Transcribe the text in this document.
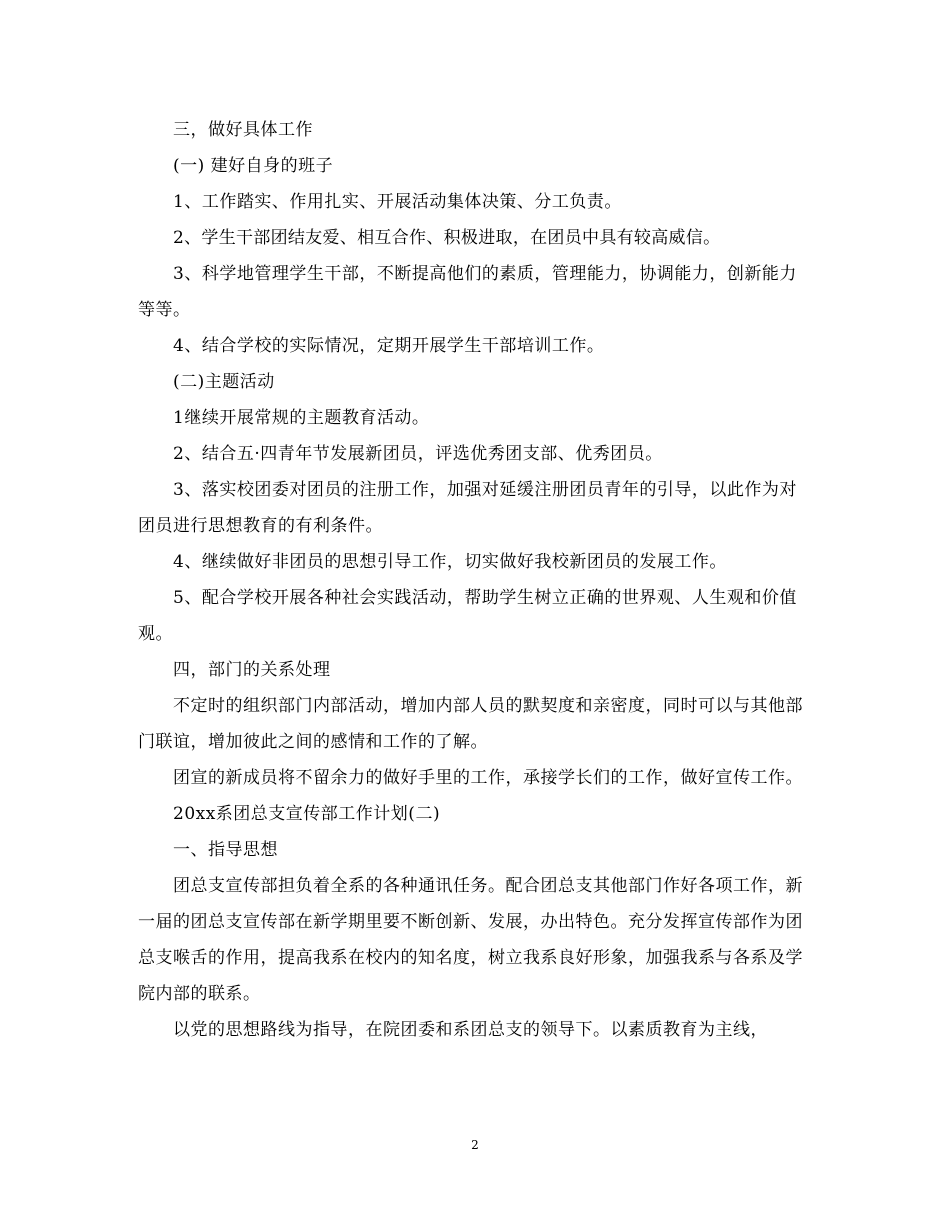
三，做好具体工作

(一) 建好自身的班子

1、工作踏实、作用扎实、开展活动集体决策、分工负责。

2、学生干部团结友爱、相互合作、积极进取，在团员中具有较高威信。

3、科学地管理学生干部，不断提高他们的素质，管理能力，协调能力，创新能力等等。

4、结合学校的实际情况，定期开展学生干部培训工作。

(二)主题活动

1继续开展常规的主题教育活动。

2、结合五·四青年节发展新团员，评选优秀团支部、优秀团员。

3、落实校团委对团员的注册工作，加强对延缓注册团员青年的引导，以此作为对团员进行思想教育的有利条件。

4、继续做好非团员的思想引导工作，切实做好我校新团员的发展工作。

5、配合学校开展各种社会实践活动，帮助学生树立正确的世界观、人生观和价值观。

四，部门的关系处理

不定时的组织部门内部活动，增加内部人员的默契度和亲密度，同时可以与其他部门联谊，增加彼此之间的感情和工作的了解。

团宣的新成员将不留余力的做好手里的工作，承接学长们的工作，做好宣传工作。

20xx系团总支宣传部工作计划(二)

一、指导思想

团总支宣传部担负着全系的各种通讯任务。配合团总支其他部门作好各项工作，新一届的团总支宣传部在新学期里要不断创新、发展，办出特色。充分发挥宣传部作为团总支喉舌的作用，提高我系在校内的知名度，树立我系良好形象，加强我系与各系及学院内部的联系。

以党的思想路线为指导，在院团委和系团总支的领导下。以素质教育为主线，

2
